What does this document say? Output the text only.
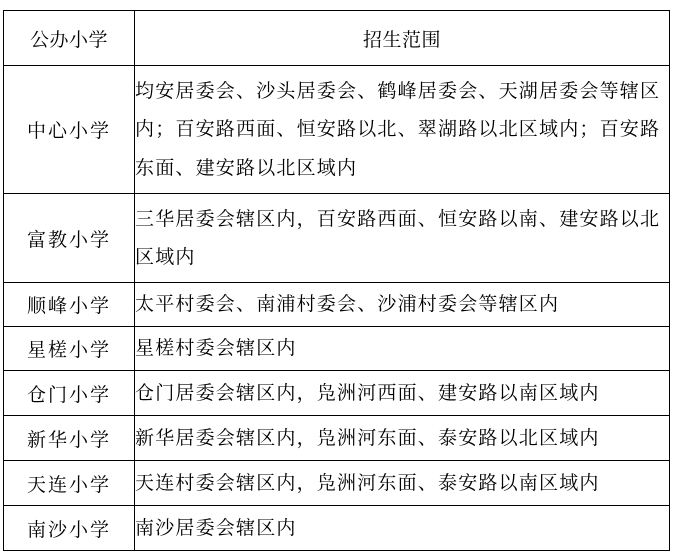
公办小学	招生范围
中心小学	均安居委会、沙头居委会、鹤峰居委会、天湖居委会等辖区内；百安路西面、恒安路以北、翠湖路以北区域内；百安路东面、建安路以北区域内
富教小学	三华居委会辖区内，百安路西面、恒安路以南、建安路以北区域内
顺峰小学	太平村委会、南浦村委会、沙浦村委会等辖区内
星槎小学	星槎村委会辖区内
仓门小学	仓门居委会辖区内，凫洲河西面、建安路以南区域内
新华小学	新华居委会辖区内，凫洲河东面、泰安路以北区域内
天连小学	天连村委会辖区内，凫洲河东面、泰安路以南区域内
南沙小学	南沙居委会辖区内
